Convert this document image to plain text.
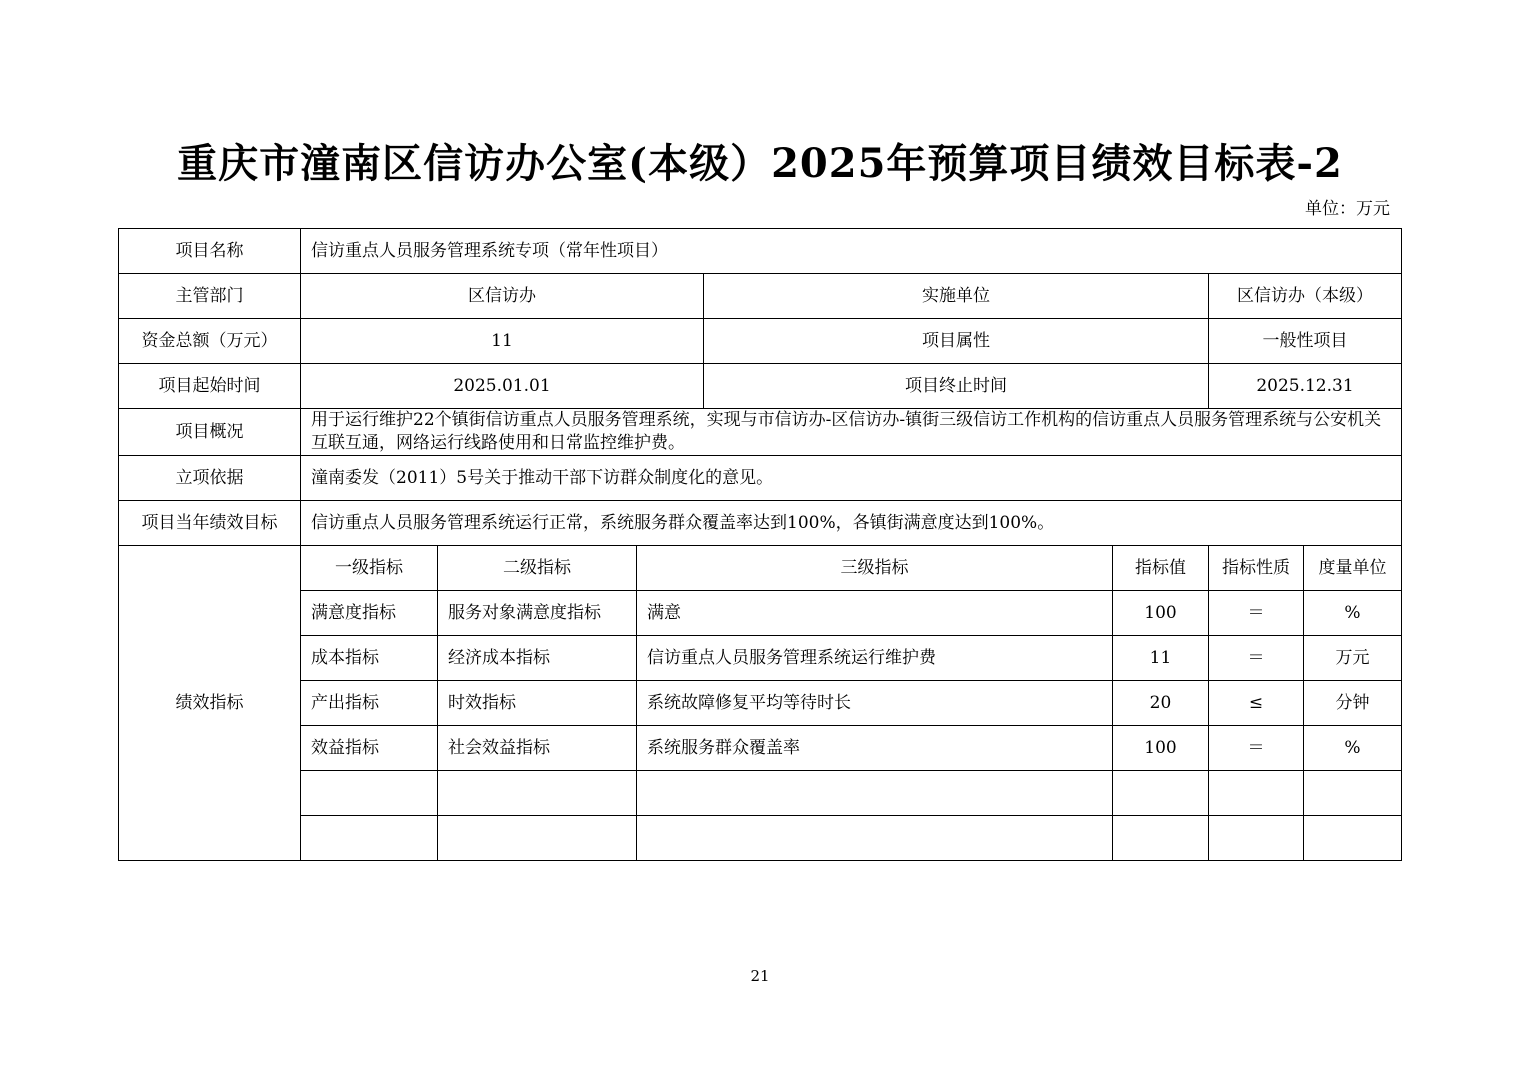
重庆市潼南区信访办公室(本级）2025年预算项目绩效目标表-2
单位：万元
项目名称	信访重点人员服务管理系统专项（常年性项目）						
主管部门	区信访办			实施单位		区信访办（本级）	
资金总额（万元）	11			项目属性		一般性项目	
项目起始时间	2025.01.01			项目终止时间		2025.12.31	
项目概况	用于运行维护22个镇街信访重点人员服务管理系统，实现与市信访办-区信访办-镇街三级信访工作机构的信访重点人员服务管理系统与公安机关互联互通，网络运行线路使用和日常监控维护费。						
立项依据	潼南委发（2011）5号关于推动干部下访群众制度化的意见。						
项目当年绩效目标	信访重点人员服务管理系统运行正常，系统服务群众覆盖率达到100%，各镇街满意度达到100%。						
绩效指标	一级指标	二级指标	三级指标		指标值	指标性质	度量单位
	满意度指标	服务对象满意度指标	满意		100	＝	%
	成本指标	经济成本指标	信访重点人员服务管理系统运行维护费		11	＝	万元
	产出指标	时效指标	系统故障修复平均等待时长		20	≤	分钟
	效益指标	社会效益指标	系统服务群众覆盖率		100	＝	%

21
